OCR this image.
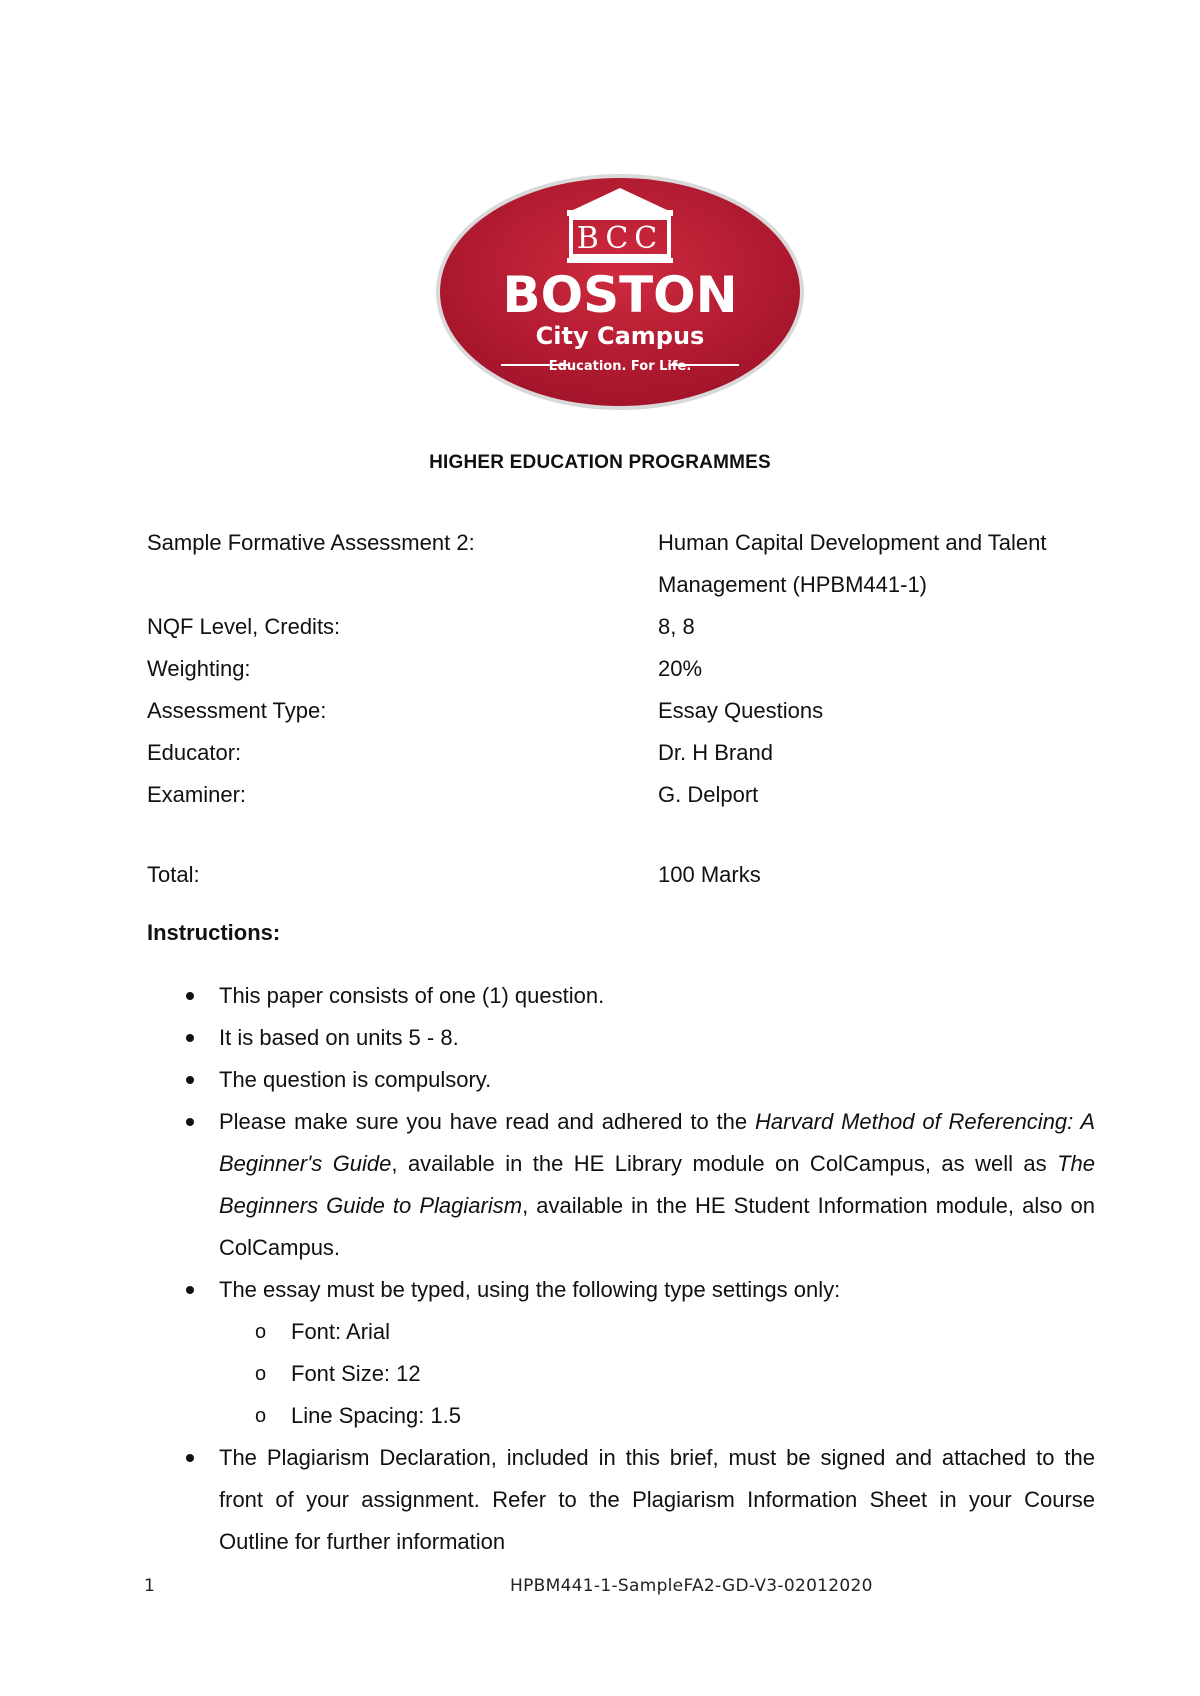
BCC
BOSTON
City Campus
Education. For Life.
HIGHER EDUCATION PROGRAMMES
Sample Formative Assessment 2:	Human Capital Development and Talent Management (HPBM441-1)
NQF Level, Credits:	8, 8
Weighting:	20%
Assessment Type:	Essay Questions
Educator:	Dr. H Brand
Examiner:	G. Delport
Total:	100 Marks
Instructions:
This paper consists of one (1) question.
It is based on units 5 - 8.
The question is compulsory.
Please make sure you have read and adhered to the Harvard Method of Referencing: A Beginner's Guide, available in the HE Library module on ColCampus, as well as The Beginners Guide to Plagiarism, available in the HE Student Information module, also on ColCampus.
The essay must be typed, using the following type settings only:
o Font: Arial
o Font Size: 12
o Line Spacing: 1.5
The Plagiarism Declaration, included in this brief, must be signed and attached to the front of your assignment. Refer to the Plagiarism Information Sheet in your Course Outline for further information
1	HPBM441-1-SampleFA2-GD-V3-02012020
